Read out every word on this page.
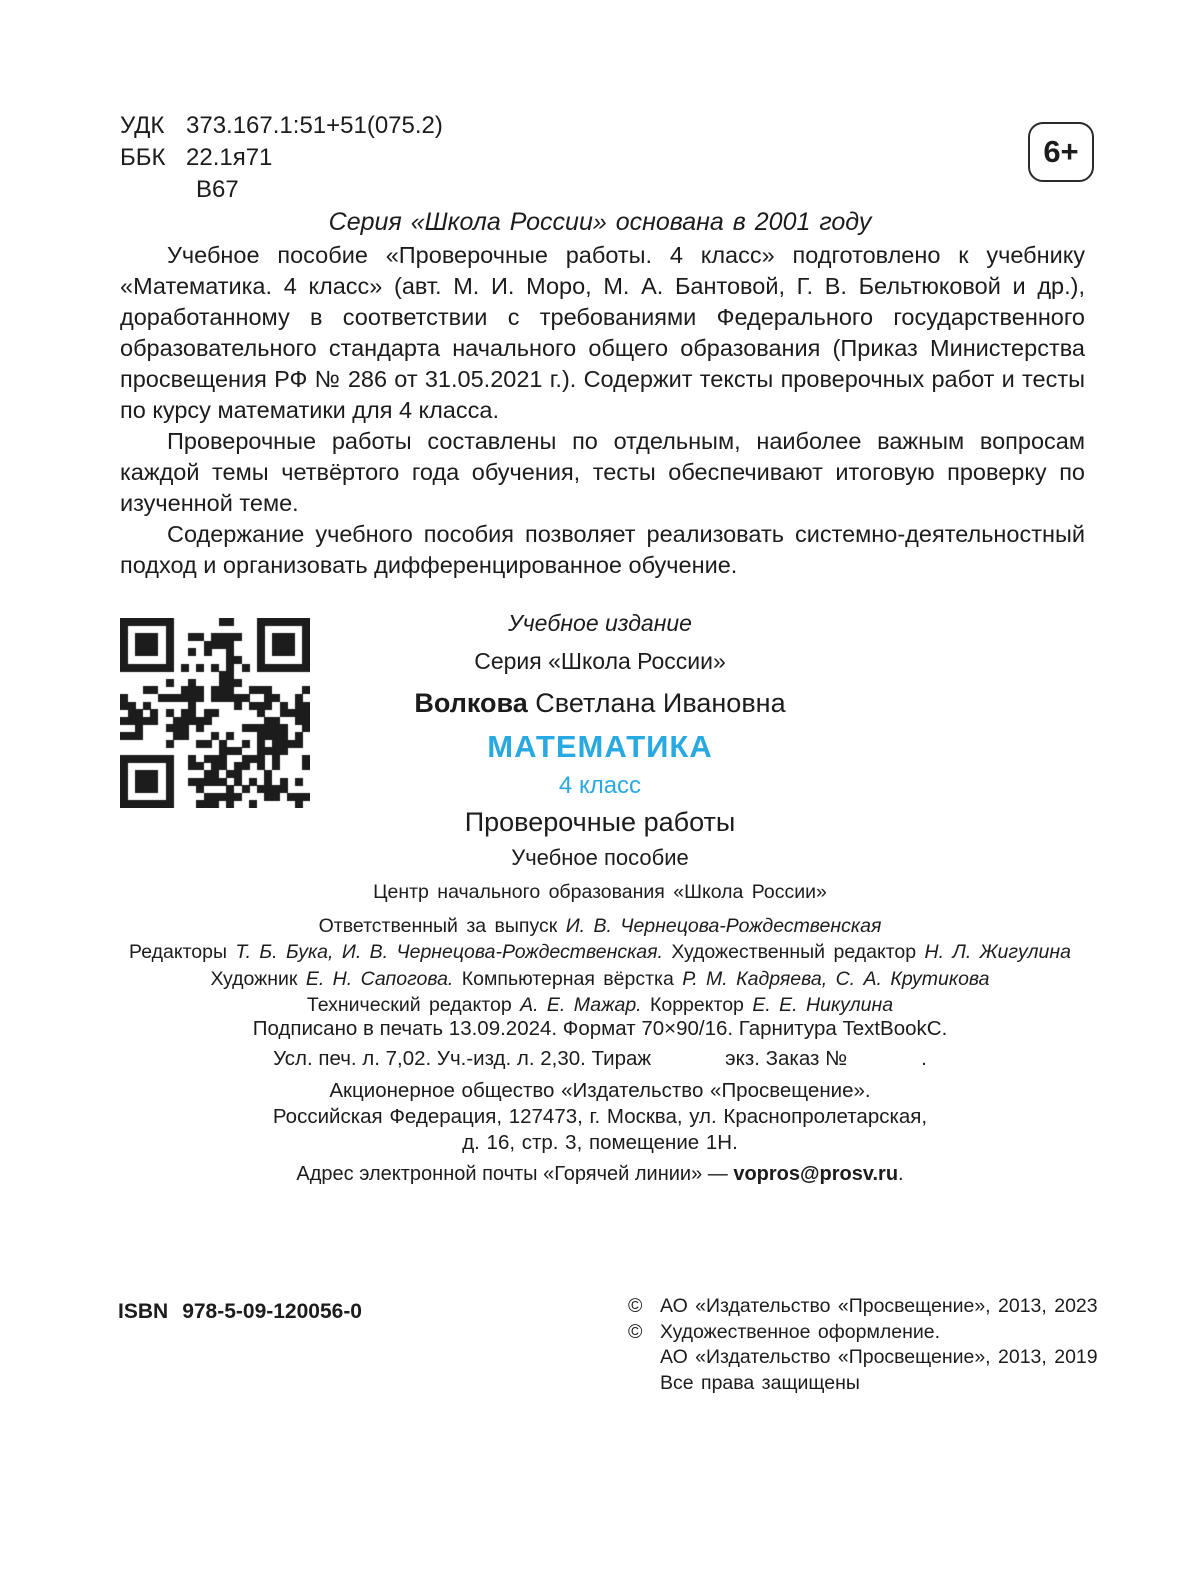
УДК 373.167.1:51+51(075.2)
ББК 22.1я71
В67
6+
Серия «Школа России» основана в 2001 году

Учебное пособие «Проверочные работы. 4 класс» подготовлено к учебнику «Математика. 4 класс» (авт. М. И. Моро, М. А. Бантовой, Г. В. Бельтюковой и др.), доработанному в соответствии с требованиями Федерального государственного образовательного стандарта начального общего образования (Приказ Министерства просвещения РФ № 286 от 31.05.2021 г.). Содержит тексты проверочных работ и тесты по курсу математики для 4 класса.

Проверочные работы составлены по отдельным, наиболее важным вопросам каждой темы четвёртого года обучения, тесты обеспечивают итоговую проверку по изученной теме.

Содержание учебного пособия позволяет реализовать системно-деятельностный подход и организовать дифференцированное обучение.

Учебное издание
Серия «Школа России»
Волкова Светлана Ивановна
МАТЕМАТИКА
4 класс
Проверочные работы
Учебное пособие
Центр начального образования «Школа России»
Ответственный за выпуск И. В. Чернецова-Рождественская
Редакторы Т. Б. Бука, И. В. Чернецова-Рождественская. Художественный редактор Н. Л. Жигулина
Художник Е. Н. Сапогова. Компьютерная вёрстка Р. М. Кадряева, С. А. Крутикова
Технический редактор А. Е. Мажар. Корректор Е. Е. Никулина
Подписано в печать 13.09.2024. Формат 70×90/16. Гарнитура TextBookC.
Усл. печ. л. 7,02. Уч.-изд. л. 2,30. Тираж             экз. Заказ №             .
Акционерное общество «Издательство «Просвещение».
Российская Федерация, 127473, г. Москва, ул. Краснопролетарская,
д. 16, стр. 3, помещение 1Н.
Адрес электронной почты «Горячей линии» — vopros@prosv.ru.
ISBN 978-5-09-120056-0	© АО «Издательство «Просвещение», 2013, 2023
© Художественное оформление.
АО «Издательство «Просвещение», 2013, 2019
Все права защищены
